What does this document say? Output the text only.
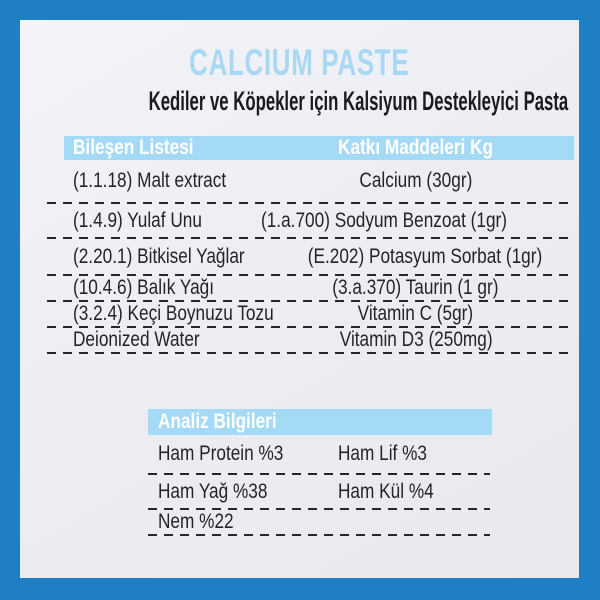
CALCIUM PASTE
Kediler ve Köpekler için Kalsiyum Destekleyici Pasta
Bileşen Listesi	Katkı Maddeleri Kg
(1.1.18) Malt extract	Calcium (30gr)
(1.4.9) Yulaf Unu	(1.a.700) Sodyum Benzoat (1gr)
(2.20.1) Bitkisel Yağlar	(E.202) Potasyum Sorbat (1gr)
(10.4.6) Balık Yağı	(3.a.370) Taurin (1 gr)
(3.2.4) Keçi Boynuzu Tozu	Vitamin C (5gr)
Deionized Water	Vitamin D3 (250mg)
Analiz Bilgileri
Ham Protein %3	Ham Lif %3
Ham Yağ %38	Ham Kül %4
Nem %22
